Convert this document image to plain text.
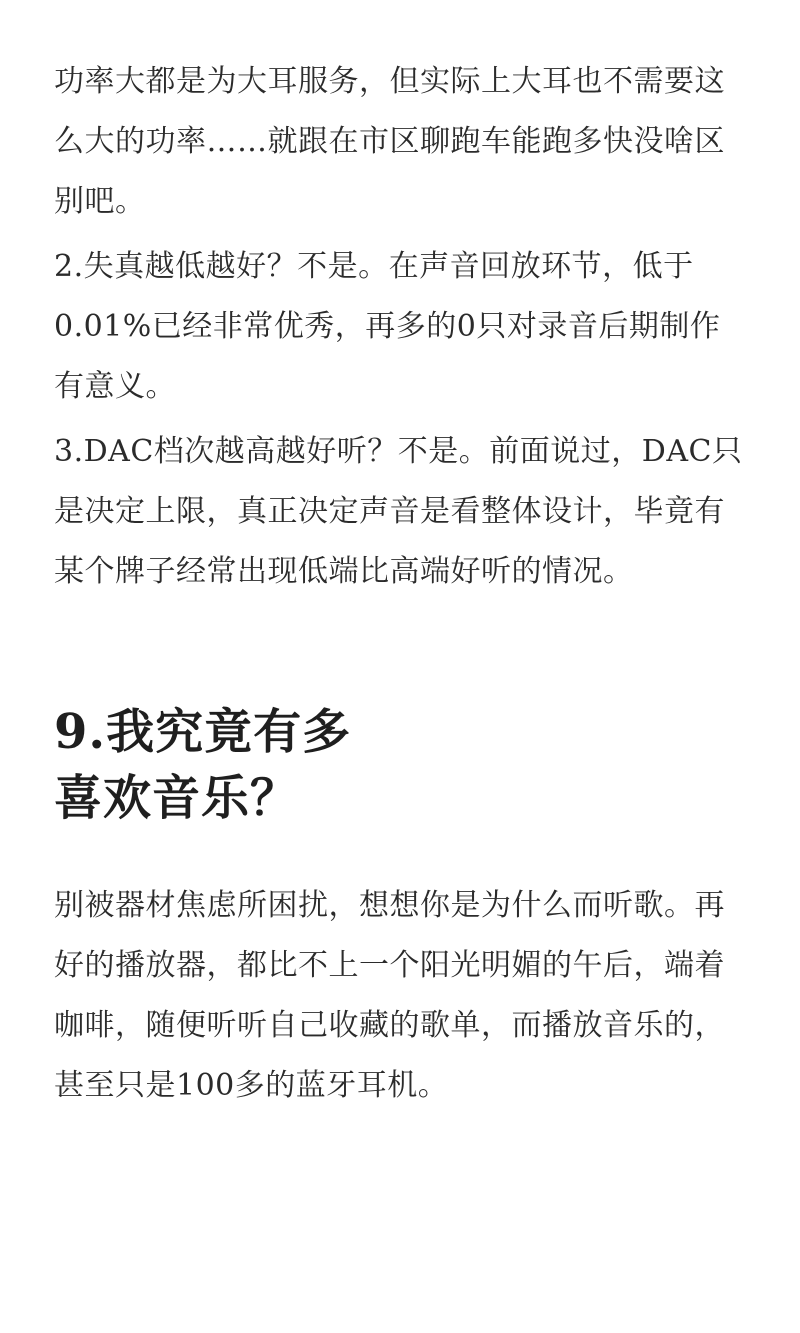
功率大都是为大耳服务，但实际上大耳也不需要这
么大的功率……就跟在市区聊跑车能跑多快没啥区
别吧。

2.失真越低越好？不是。在声音回放环节，低于
0.01%已经非常优秀，再多的0只对录音后期制作
有意义。

3.DAC档次越高越好听？不是。前面说过，DAC只
是决定上限，真正决定声音是看整体设计，毕竟有
某个牌子经常出现低端比高端好听的情况。

9.我究竟有多
喜欢音乐？

别被器材焦虑所困扰，想想你是为什么而听歌。再
好的播放器，都比不上一个阳光明媚的午后，端着
咖啡，随便听听自己收藏的歌单，而播放音乐的，
甚至只是100多的蓝牙耳机。
